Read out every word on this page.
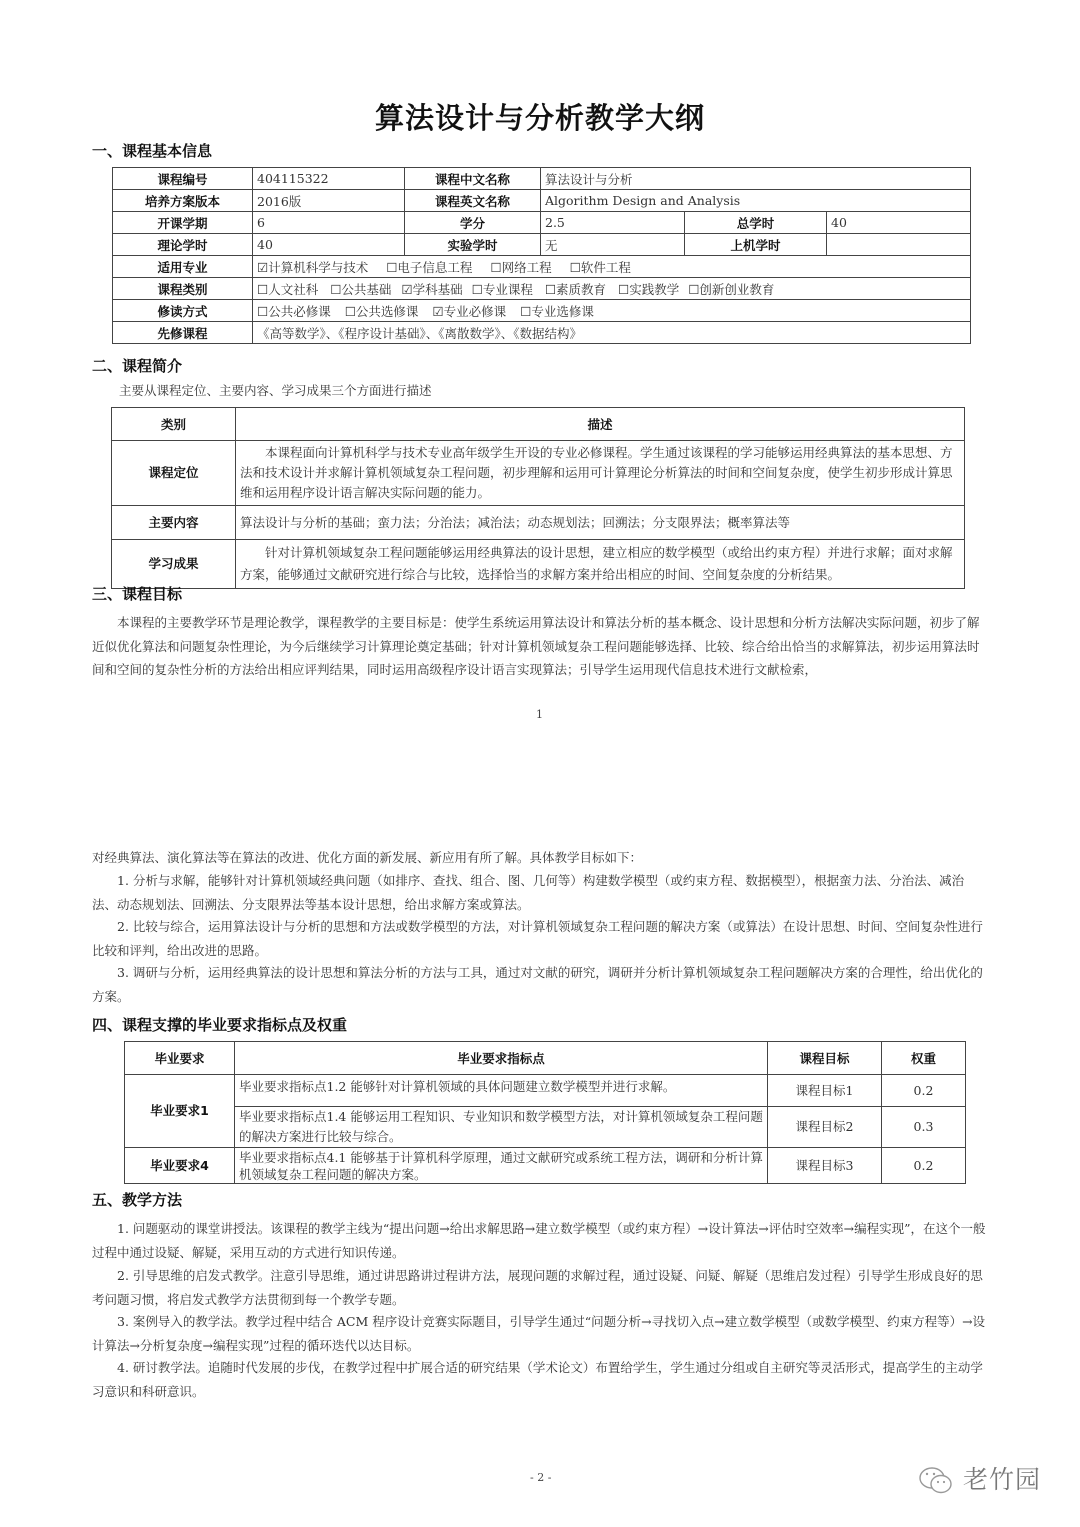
算法设计与分析教学大纲
一、课程基本信息
课程编号	404115322	课程中文名称	算法设计与分析		
培养方案版本	2016版	课程英文名称	Algorithm Design and Analysis		
开课学期	6	学分	2.5	总学时	40
理论学时	40	实验学时	无	上机学时	
适用专业	☑计算机科学与技术 ☐电子信息工程 ☐网络工程 ☐软件工程				
课程类别	☐人文社科 ☐公共基础 ☑学科基础 ☐专业课程 ☐素质教育 ☐实践教学 ☐创新创业教育				
修读方式	☐公共必修课 ☐公共选修课 ☑专业必修课 ☐专业选修课				
先修课程	《高等数学》、《程序设计基础》、《离散数学》、《数据结构》				
二、课程简介
主要从课程定位、主要内容、学习成果三个方面进行描述
类别	描述
课程定位	本课程面向计算机科学与技术专业高年级学生开设的专业必修课程。学生通过该课程的学习能够运用经典算法的基本思想、方法和技术设计并求解计算机领域复杂工程问题，初步理解和运用可计算理论分析算法的时间和空间复杂度，使学生初步形成计算思维和运用程序设计语言解决实际问题的能力。
主要内容	算法设计与分析的基础；蛮力法；分治法；减治法；动态规划法；回溯法；分支限界法；概率算法等
学习成果	针对计算机领域复杂工程问题能够运用经典算法的设计思想，建立相应的数学模型（或给出约束方程）并进行求解；面对求解方案，能够通过文献研究进行综合与比较，选择恰当的求解方案并给出相应的时间、空间复杂度的分析结果。
三、课程目标
本课程的主要教学环节是理论教学，课程教学的主要目标是：使学生系统运用算法设计和算法分析的基本概念、设计思想和分析方法解决实际问题，初步了解近似优化算法和问题复杂性理论，为今后继续学习计算理论奠定基础；针对计算机领域复杂工程问题能够选择、比较、综合给出恰当的求解算法，初步运用算法时间和空间的复杂性分析的方法给出相应评判结果，同时运用高级程序设计语言实现算法；引导学生运用现代信息技术进行文献检索，
1
对经典算法、演化算法等在算法的改进、优化方面的新发展、新应用有所了解。具体教学目标如下：
1. 分析与求解，能够针对计算机领域经典问题（如排序、查找、组合、图、几何等）构建数学模型（或约束方程、数据模型），根据蛮力法、分治法、减治法、动态规划法、回溯法、分支限界法等基本设计思想，给出求解方案或算法。
2. 比较与综合，运用算法设计与分析的思想和方法或数学模型的方法，对计算机领域复杂工程问题的解决方案（或算法）在设计思想、时间、空间复杂性进行比较和评判，给出改进的思路。
3. 调研与分析，运用经典算法的设计思想和算法分析的方法与工具，通过对文献的研究，调研并分析计算机领域复杂工程问题解决方案的合理性，给出优化的方案。
四、课程支撑的毕业要求指标点及权重
毕业要求	毕业要求指标点	课程目标	权重
毕业要求1	毕业要求指标点1.2 能够针对计算机领域的具体问题建立数学模型并进行求解。	课程目标1	0.2
	毕业要求指标点1.4 能够运用工程知识、专业知识和数学模型方法，对计算机领域复杂工程问题的解决方案进行比较与综合。	课程目标2	0.3
毕业要求4	毕业要求指标点4.1 能够基于计算机科学原理，通过文献研究或系统工程方法，调研和分析计算机领域复杂工程问题的解决方案。	课程目标3	0.2
五、教学方法
1. 问题驱动的课堂讲授法。该课程的教学主线为“提出问题→给出求解思路→建立数学模型（或约束方程）→设计算法→评估时空效率→编程实现”，在这个一般过程中通过设疑、解疑，采用互动的方式进行知识传递。
2. 引导思维的启发式教学。注意引导思维，通过讲思路讲过程讲方法，展现问题的求解过程，通过设疑、问疑、解疑（思维启发过程）引导学生形成良好的思考问题习惯，将启发式教学方法贯彻到每一个教学专题。
3. 案例导入的教学法。教学过程中结合 ACM 程序设计竞赛实际题目，引导学生通过“问题分析→寻找切入点→建立数学模型（或数学模型、约束方程等）→设计算法→分析复杂度→编程实现”过程的循环迭代以达目标。
4. 研讨教学法。追随时代发展的步伐，在教学过程中扩展合适的研究结果（学术论文）布置给学生，学生通过分组或自主研究等灵活形式，提高学生的主动学习意识和科研意识。
- 2 -	老竹园
